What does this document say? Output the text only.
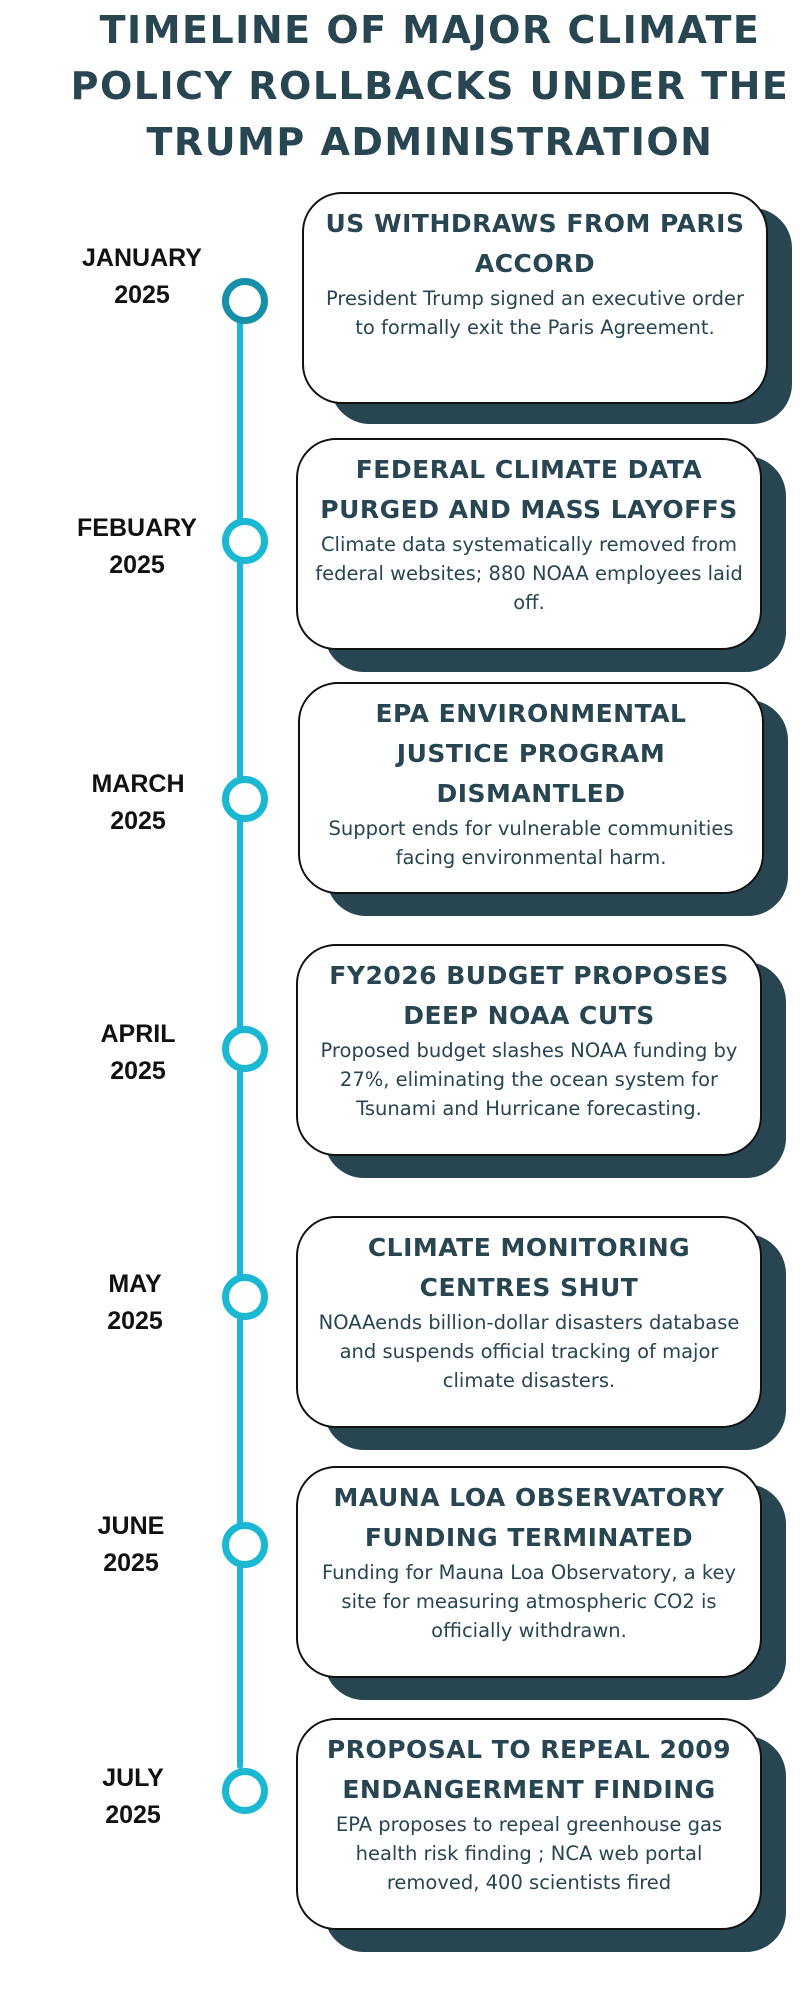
TIMELINE OF MAJOR CLIMATE POLICY ROLLBACKS UNDER THE TRUMP ADMINISTRATION
JANUARY
2025
US WITHDRAWS FROM PARIS ACCORD

President Trump signed an executive order to formally exit the Paris Agreement.

FEBUARY
2025
FEDERAL CLIMATE DATA PURGED AND MASS LAYOFFS

Climate data systematically removed from federal websites; 880 NOAA employees laid off.

MARCH
2025
EPA ENVIRONMENTAL JUSTICE PROGRAM DISMANTLED

Support ends for vulnerable communities facing environmental harm.

APRIL
2025
FY2026 BUDGET PROPOSES DEEP NOAA CUTS

Proposed budget slashes NOAA funding by 27%, eliminating the ocean system for Tsunami and Hurricane forecasting.

MAY
2025
CLIMATE MONITORING CENTRES SHUT

NOAAends billion-dollar disasters database and suspends official tracking of major climate disasters.

JUNE
2025
MAUNA LOA OBSERVATORY FUNDING TERMINATED

Funding for Mauna Loa Observatory, a key site for measuring atmospheric CO2 is officially withdrawn.

JULY
2025
PROPOSAL TO REPEAL 2009 ENDANGERMENT FINDING

EPA proposes to repeal greenhouse gas health risk finding ; NCA web portal removed, 400 scientists fired
